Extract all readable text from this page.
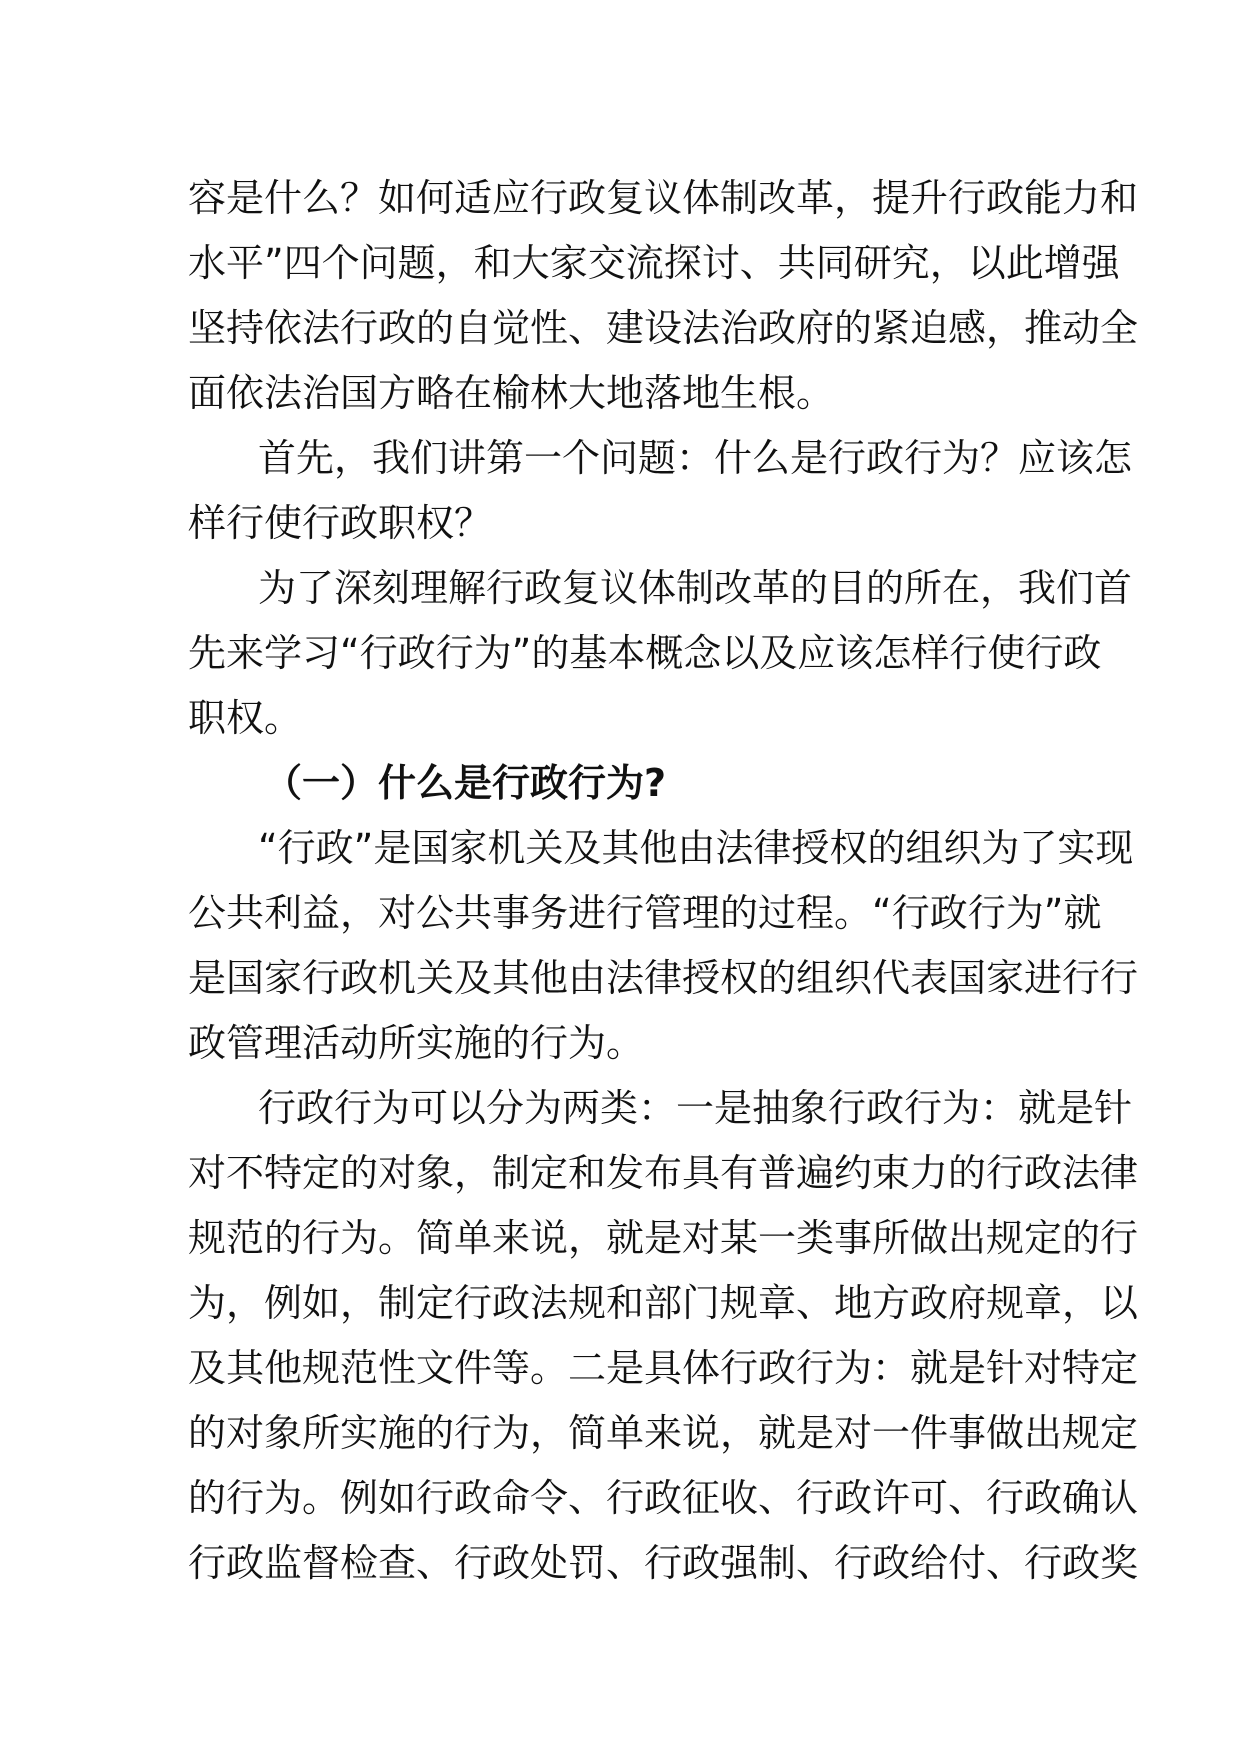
容是什么？如何适应行政复议体制改革，提升行政能力和
水平”四个问题，和大家交流探讨、共同研究，以此增强
坚持依法行政的自觉性、建设法治政府的紧迫感，推动全
面依法治国方略在榆林大地落地生根。
首先，我们讲第一个问题：什么是行政行为？应该怎
样行使行政职权？
为了深刻理解行政复议体制改革的目的所在，我们首
先来学习“行政行为”的基本概念以及应该怎样行使行政
职权。
（一）什么是行政行为?
“行政”是国家机关及其他由法律授权的组织为了实现
公共利益，对公共事务进行管理的过程。“行政行为”就
是国家行政机关及其他由法律授权的组织代表国家进行行
政管理活动所实施的行为。
行政行为可以分为两类：一是抽象行政行为：就是针
对不特定的对象，制定和发布具有普遍约束力的行政法律
规范的行为。简单来说，就是对某一类事所做出规定的行
为，例如，制定行政法规和部门规章、地方政府规章，以
及其他规范性文件等。二是具体行政行为：就是针对特定
的对象所实施的行为，简单来说，就是对一件事做出规定
的行为。例如行政命令、行政征收、行政许可、行政确认
行政监督检查、行政处罚、行政强制、行政给付、行政奖
